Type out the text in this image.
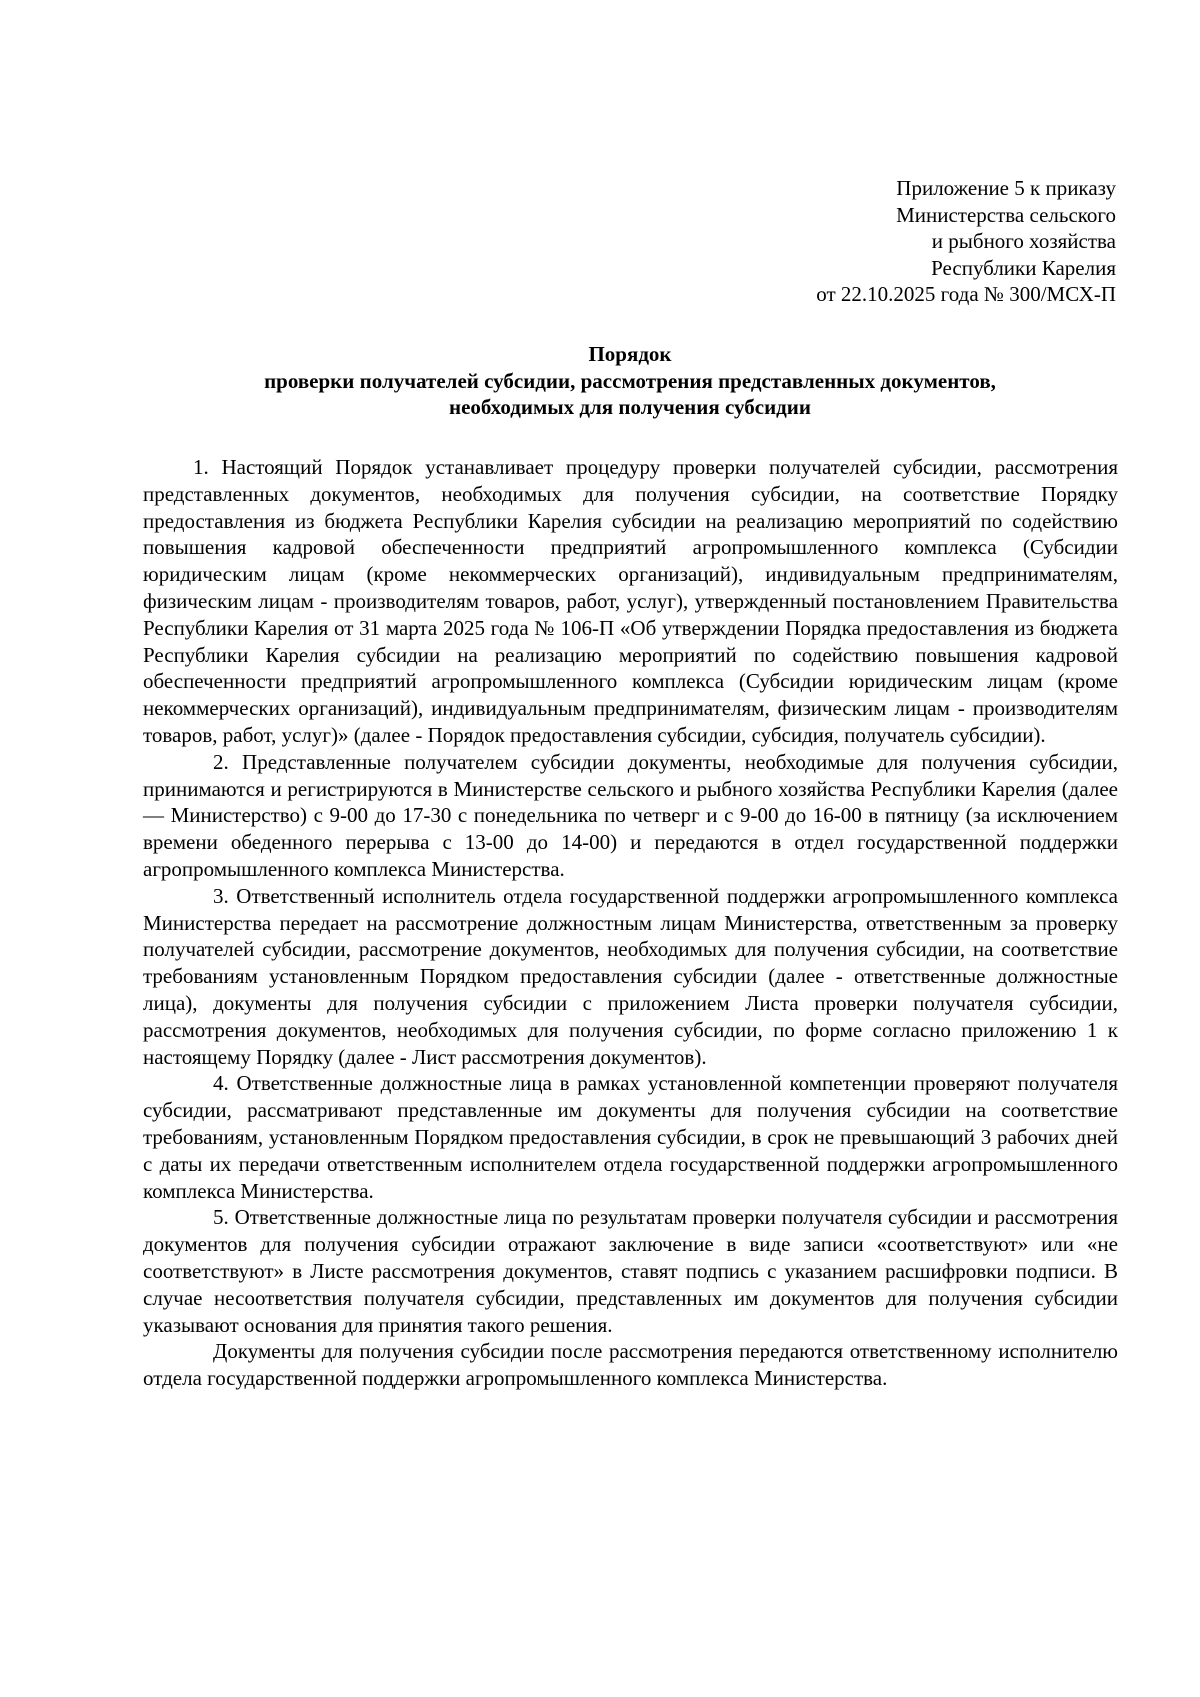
Приложение 5 к приказу
Министерства сельского
и рыбного хозяйства
Республики Карелия
от 22.10.2025 года № 300/МСХ-П
Порядок
проверки получателей субсидии, рассмотрения представленных документов,
необходимых для получения субсидии

1. Настоящий Порядок устанавливает процедуру проверки получателей субсидии, рассмотрения представленных документов, необходимых для получения субсидии, на соответствие Порядку предоставления из бюджета Республики Карелия субсидии на реализацию мероприятий по содействию повышения кадровой обеспеченности предприятий агропромышленного комплекса (Субсидии юридическим лицам (кроме некоммерческих организаций), индивидуальным предпринимателям, физическим лицам - производителям товаров, работ, услуг), утвержденный постановлением Правительства Республики Карелия от 31 марта 2025 года № 106-П «Об утверждении Порядка предоставления из бюджета Республики Карелия субсидии на реализацию мероприятий по содействию повышения кадровой обеспеченности предприятий агропромышленного комплекса (Субсидии юридическим лицам (кроме некоммерческих организаций), индивидуальным предпринимателям, физическим лицам - производителям товаров, работ, услуг)» (далее - Порядок предоставления субсидии, субсидия, получатель субсидии).

2. Представленные получателем субсидии документы, необходимые для получения субсидии, принимаются и регистрируются в Министерстве сельского и рыбного хозяйства Республики Карелия (далее — Министерство) с 9-00 до 17-30 с понедельника по четверг и с 9-00 до 16-00 в пятницу (за исключением времени обеденного перерыва с 13-00 до 14-00) и передаются в отдел государственной поддержки агропромышленного комплекса Министерства.

3. Ответственный исполнитель отдела государственной поддержки агропромышленного комплекса Министерства передает на рассмотрение должностным лицам Министерства, ответственным за проверку получателей субсидии, рассмотрение документов, необходимых для получения субсидии, на соответствие требованиям установленным Порядком предоставления субсидии (далее - ответственные должностные лица), документы для получения субсидии с приложением Листа проверки получателя субсидии, рассмотрения документов, необходимых для получения субсидии, по форме согласно приложению 1 к настоящему Порядку (далее - Лист рассмотрения документов).

4. Ответственные должностные лица в рамках установленной компетенции проверяют получателя субсидии, рассматривают представленные им документы для получения субсидии на соответствие требованиям, установленным Порядком предоставления субсидии, в срок не превышающий 3 рабочих дней с даты их передачи ответственным исполнителем отдела государственной поддержки агропромышленного комплекса Министерства.

5. Ответственные должностные лица по результатам проверки получателя субсидии и рассмотрения документов для получения субсидии отражают заключение в виде записи «соответствуют» или «не соответствуют» в Листе рассмотрения документов, ставят подпись с указанием расшифровки подписи. В случае несоответствия получателя субсидии, представленных им документов для получения субсидии указывают основания для принятия такого решения.

Документы для получения субсидии после рассмотрения передаются ответственному исполнителю отдела государственной поддержки агропромышленного комплекса Министерства.
